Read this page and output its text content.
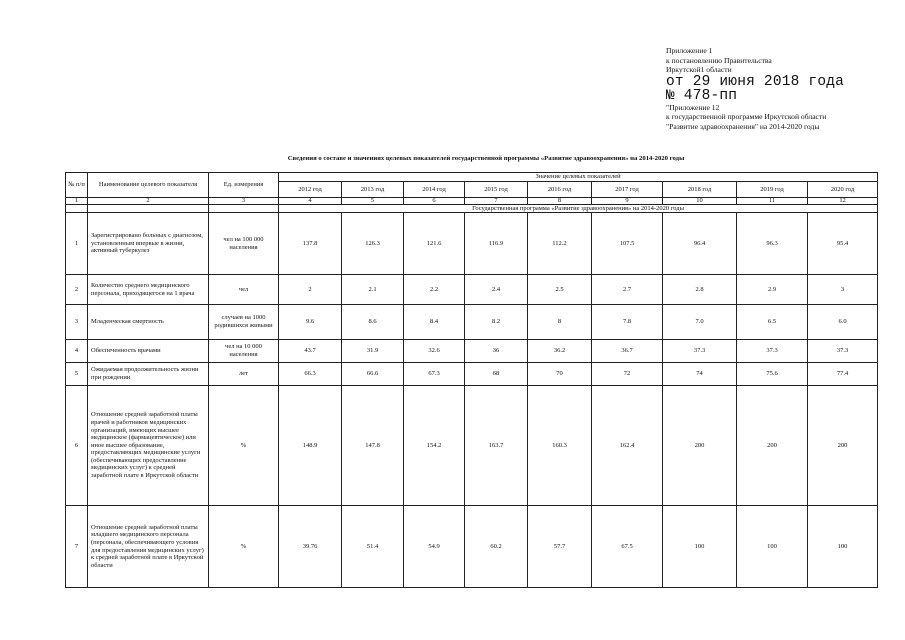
Приложение 1
к постановлению Правительства
Иркутской1 области
от 29 июня 2018 года
№ 478-пп
"Приложение 12
к государственной программе Иркутской области
"Развитие здравоохранения" на 2014-2020 годы
Сведения о составе и значениях целевых показателей государственной программы «Развитие здравоохранения» на 2014-2020 годы
№ п/п	Наименование целевого показателя	Ед. измерения	Значение целевых показателей								
			2012 год	2013 год	2014 год	2015 год	2016 год	2017 год	2018 год	2019 год	2020 год
1	2	3	4	5	6	7	8	9	10	11	12
			Государственная программа «Развитие здравоохранения» на 2014-2020 годы								
1	Зарегистрировано больных с диагнозом, установленным впервые в жизни, активный туберкулез	чел на 100 000 населения	137.8	126.3	121.6	116.9	112.2	107.5	96.4	96.3	95.4
2	Количество среднего медицинского персонала, приходящегося на 1 врача	чел	2	2.1	2.2	2.4	2.5	2.7	2.8	2.9	3
3	Младенческая смертность	случаев на 1000 родившихся живыми	9.6	8.6	8.4	8.2	8	7.8	7.0	6.5	6.0
4	Обеспеченность врачами	чел на 10 000 населения	43.7	31.9	32.6	36	36.2	36.7	37.3	37.3	37.3
5	Ожидаемая продолжительность жизни при рождении	лет	66.3	66.6	67.3	68	70	72	74	75.6	77.4
6	Отношение средней заработной платы врачей и работников медицинских организаций, имеющих высшее медицинское (фармацевтическое) или иное высшее образование, предоставляющих медицинские услуги (обеспечивающих предоставление медицинских услуг) к средней заработной плате в Иркутской области	%	148.9	147.8	154.2	163.7	160.3	162.4	200	200	200
7	Отношение средней заработной платы младшего медицинского персонала (персонала, обеспечивающего условия для предоставления медицинских услуг) к средней заработной плате в Иркутской области	%	39.76	51.4	54.9	60.2	57.7	67.5	100	100	100
